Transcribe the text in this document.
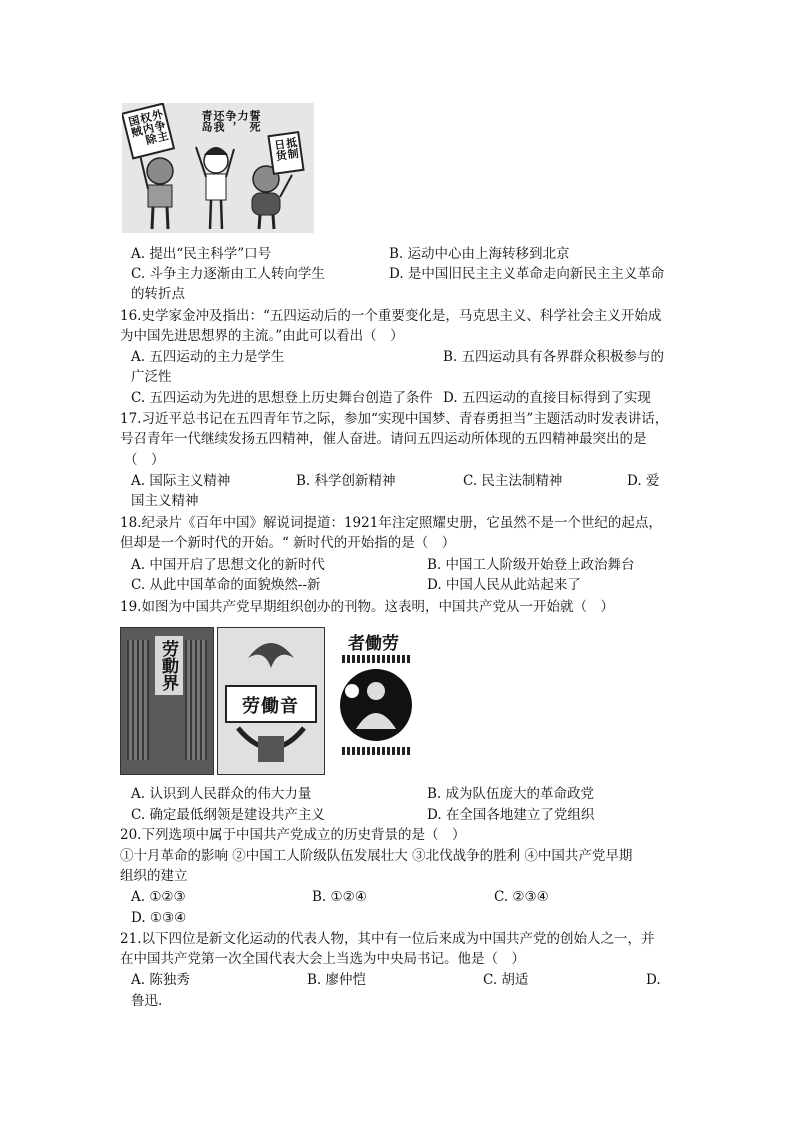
外争主权内除国贼	誓死力争，还我青岛
抵制日货
A. 提出“民主科学”口号	B. 运动中心由上海转移到北京
C. 斗争主力逐渐由工人转向学生	D. 是中国旧民主主义革命走向新民主主义革命
的转折点
16.史学家金冲及指出：“五四运动后的一个重要变化是，马克思主义、科学社会主义开始成
为中国先进思想界的主流。”由此可以看出（　）
A. 五四运动的主力是学生	B. 五四运动具有各界群众积极参与的
广泛性
C. 五四运动为先进的思想登上历史舞台创造了条件 D. 五四运动的直接目标得到了实现
17.习近平总书记在五四青年节之际，参加“实现中国梦、青春勇担当”主题活动时发表讲话，
号召青年一代继续发扬五四精神，催人奋进。请问五四运动所体现的五四精神最突出的是
（　）
A. 国际主义精神	B. 科学创新精神	C. 民主法制精神	D. 爱
国主义精神
18.纪录片《百年中国》解说词提道：1921年注定照耀史册，它虽然不是一个世纪的起点，
但却是一个新时代的开始。“ 新时代的开始指的是（　）
A. 中国开启了思想文化的新时代	B. 中国工人阶级开始登上政治舞台
C. 从此中国革命的面貌焕然--新	D. 中国人民从此站起来了
19.如图为中国共产党早期组织创办的刊物。这表明，中国共产党从一开始就（　）
劳動界
劳働音
者働劳
A. 认识到人民群众的伟大力量	B. 成为队伍庞大的革命政党
C. 确定最低纲领是建设共产主义	D. 在全国各地建立了党组织
20.下列选项中属于中国共产党成立的历史背景的是（　）
①十月革命的影响 ②中国工人阶级队伍发展壮大 ③北伐战争的胜利 ④中国共产党早期
组织的建立
A. ①②③	B. ①②④	C. ②③④
D. ①③④
21.以下四位是新文化运动的代表人物，其中有一位后来成为中国共产党的创始人之一，并
在中国共产党第一次全国代表大会上当选为中央局书记。他是（　）
A. 陈独秀	B. 廖仲恺	C. 胡适	D.
鲁迅.
